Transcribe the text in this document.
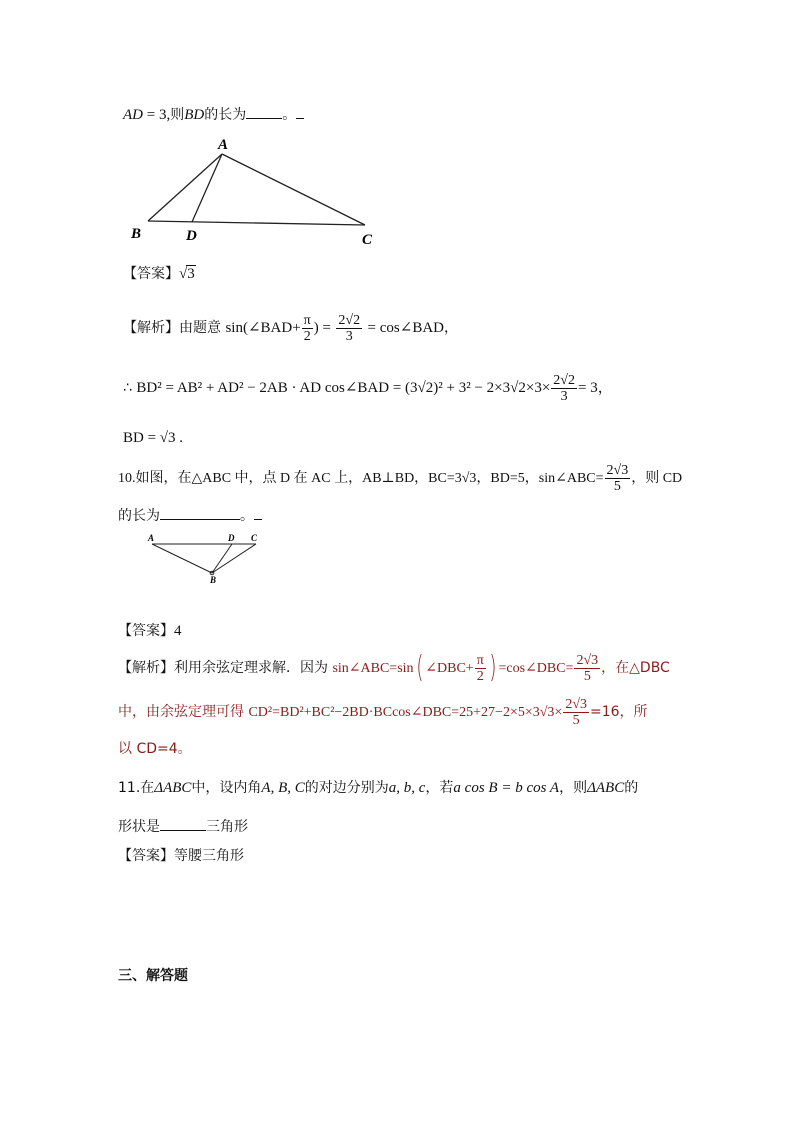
AD = 3,则BD的长为	。
A
B	D	C
【答案】√3
【解析】由题意 sin(∠BAD+ $\frac{\pi}{2}$ ) = $\frac{2√2}{3}$ = cos∠BAD，
∴ BD² = AB² + AD² − 2AB · AD cos∠BAD = $(3√2)^2 + 3^2 - 2\times 3√2\times 3\times \frac{2√2}{3} = 3$，
BD = √3 .
10.如图，在△ABC 中，点 D 在 AC 上，AB⊥BD，BC=3√3，BD=5，sin∠ABC= $\frac{2√3}{5}$ ，则 CD
的长为	。
A	D C
B
【答案】4
【解析】利用余弦定理求解．因为 sin∠ABC=sin( ∠DBC+ $\frac{\pi}{2}$ ) =cos∠DBC= $\frac{2√3}{5}$ ，在△DBC
中，由余弦定理可得 CD²=BD²+BC²−2BD·BCcos∠DBC=25+27−2×5×3√3× $\frac{2√3}{5} =16$，所
以 CD=4。
11.在ΔABC中，设内角A, B, C的对边分别为a, b, c，若a cos B = b cos A，则ΔABC的
形状是	三角形
【答案】等腰三角形
三、解答题
